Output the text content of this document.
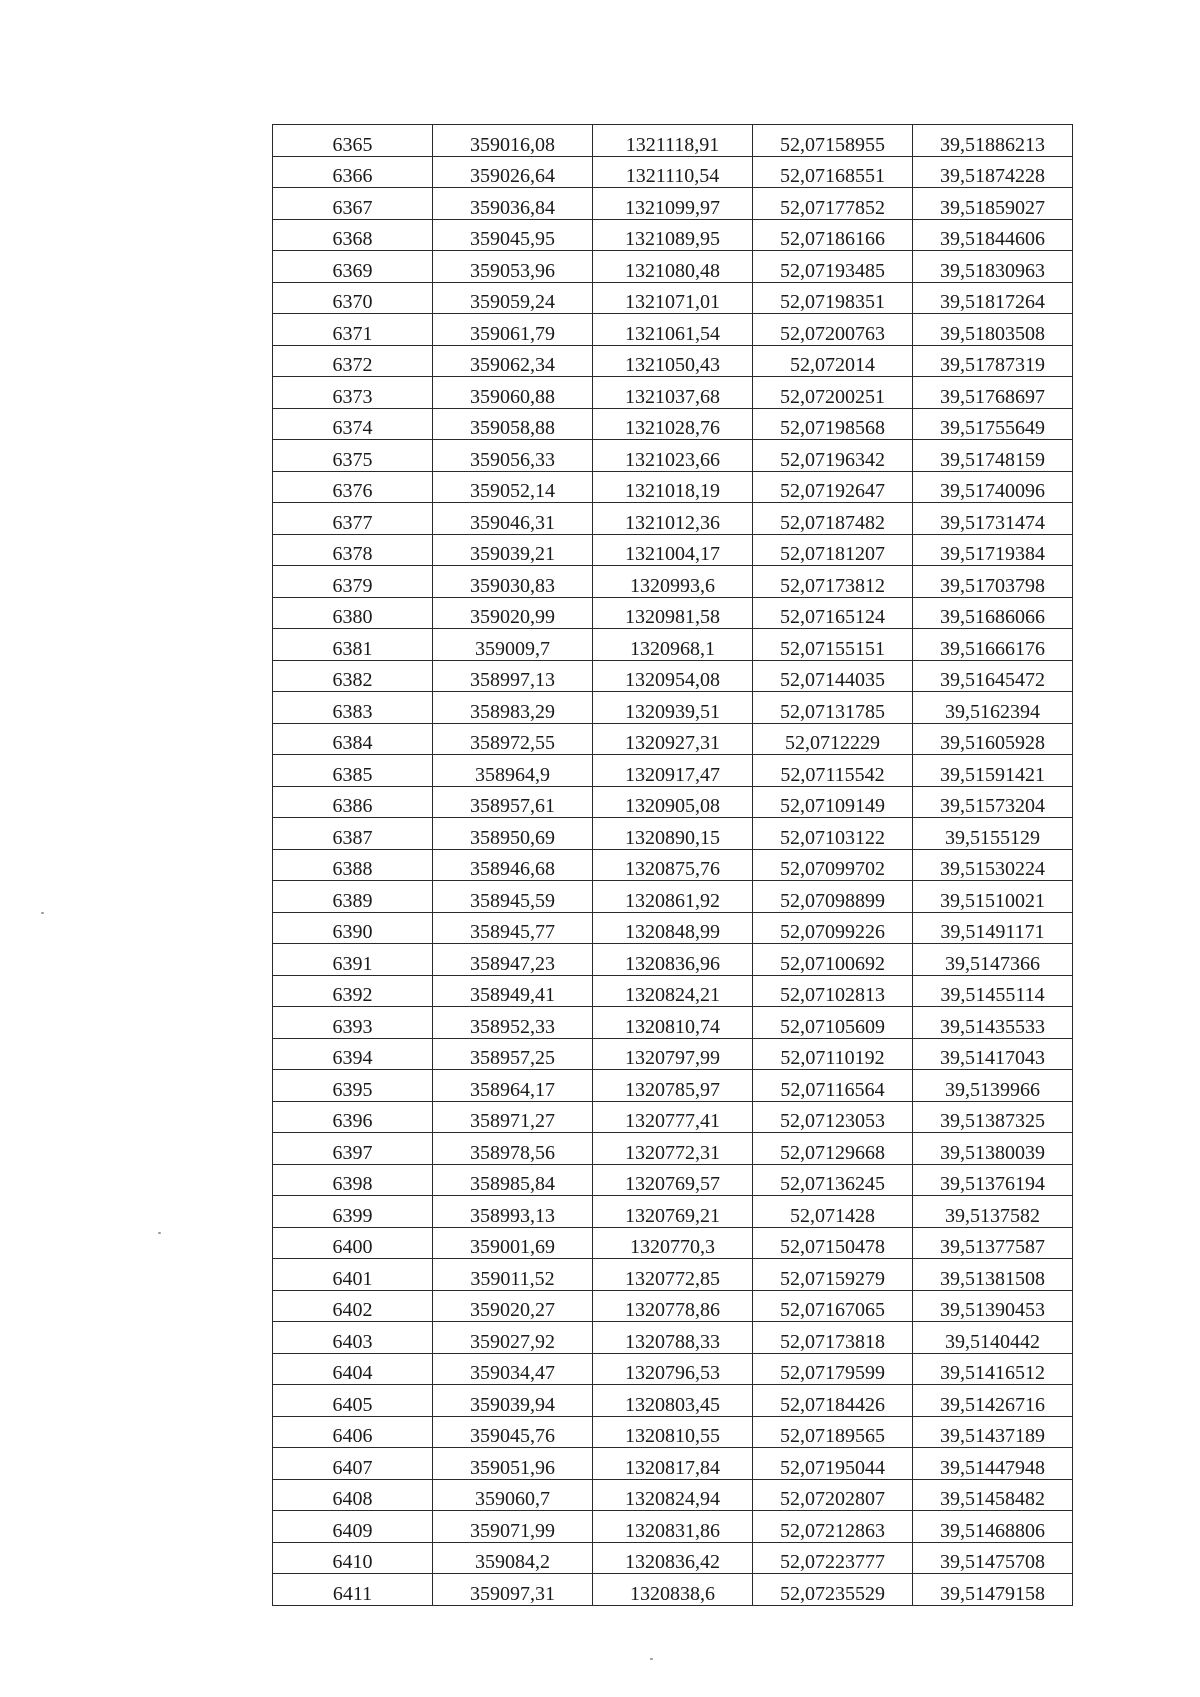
6365	359016,08	1321118,91	52,07158955	39,51886213
6366	359026,64	1321110,54	52,07168551	39,51874228
6367	359036,84	1321099,97	52,07177852	39,51859027
6368	359045,95	1321089,95	52,07186166	39,51844606
6369	359053,96	1321080,48	52,07193485	39,51830963
6370	359059,24	1321071,01	52,07198351	39,51817264
6371	359061,79	1321061,54	52,07200763	39,51803508
6372	359062,34	1321050,43	52,072014	39,51787319
6373	359060,88	1321037,68	52,07200251	39,51768697
6374	359058,88	1321028,76	52,07198568	39,51755649
6375	359056,33	1321023,66	52,07196342	39,51748159
6376	359052,14	1321018,19	52,07192647	39,51740096
6377	359046,31	1321012,36	52,07187482	39,51731474
6378	359039,21	1321004,17	52,07181207	39,51719384
6379	359030,83	1320993,6	52,07173812	39,51703798
6380	359020,99	1320981,58	52,07165124	39,51686066
6381	359009,7	1320968,1	52,07155151	39,51666176
6382	358997,13	1320954,08	52,07144035	39,51645472
6383	358983,29	1320939,51	52,07131785	39,5162394
6384	358972,55	1320927,31	52,0712229	39,51605928
6385	358964,9	1320917,47	52,07115542	39,51591421
6386	358957,61	1320905,08	52,07109149	39,51573204
6387	358950,69	1320890,15	52,07103122	39,5155129
6388	358946,68	1320875,76	52,07099702	39,51530224
6389	358945,59	1320861,92	52,07098899	39,51510021
6390	358945,77	1320848,99	52,07099226	39,51491171
6391	358947,23	1320836,96	52,07100692	39,5147366
6392	358949,41	1320824,21	52,07102813	39,51455114
6393	358952,33	1320810,74	52,07105609	39,51435533
6394	358957,25	1320797,99	52,07110192	39,51417043
6395	358964,17	1320785,97	52,07116564	39,5139966
6396	358971,27	1320777,41	52,07123053	39,51387325
6397	358978,56	1320772,31	52,07129668	39,51380039
6398	358985,84	1320769,57	52,07136245	39,51376194
6399	358993,13	1320769,21	52,071428	39,5137582
6400	359001,69	1320770,3	52,07150478	39,51377587
6401	359011,52	1320772,85	52,07159279	39,51381508
6402	359020,27	1320778,86	52,07167065	39,51390453
6403	359027,92	1320788,33	52,07173818	39,5140442
6404	359034,47	1320796,53	52,07179599	39,51416512
6405	359039,94	1320803,45	52,07184426	39,51426716
6406	359045,76	1320810,55	52,07189565	39,51437189
6407	359051,96	1320817,84	52,07195044	39,51447948
6408	359060,7	1320824,94	52,07202807	39,51458482
6409	359071,99	1320831,86	52,07212863	39,51468806
6410	359084,2	1320836,42	52,07223777	39,51475708
6411	359097,31	1320838,6	52,07235529	39,51479158
